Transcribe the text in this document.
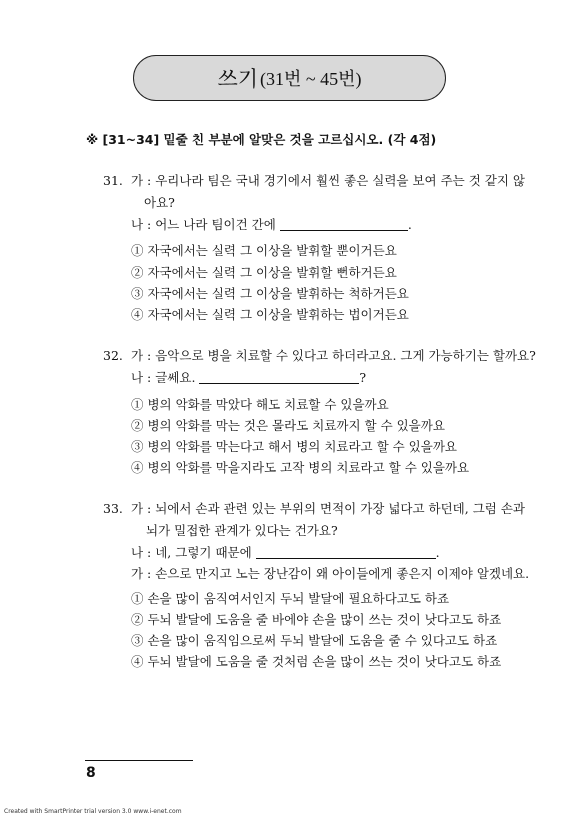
쓰기 (31번 ~ 45번)
※ [31~34] 밑줄 친 부분에 알맞은 것을 고르십시오. (각 4점)
31. 가 : 우리나라 팀은 국내 경기에서 훨씬 좋은 실력을 보여 주는 것 같지 않
아요?
나 : 어느 나라 팀이건 간에	.
① 자국에서는 실력 그 이상을 발휘할 뿐이거든요
② 자국에서는 실력 그 이상을 발휘할 뻔하거든요
③ 자국에서는 실력 그 이상을 발휘하는 척하거든요
④ 자국에서는 실력 그 이상을 발휘하는 법이거든요
32. 가 : 음악으로 병을 치료할 수 있다고 하더라고요. 그게 가능하기는 할까요?
나 : 글쎄요.	?
① 병의 악화를 막았다 해도 치료할 수 있을까요
② 병의 악화를 막는 것은 몰라도 치료까지 할 수 있을까요
③ 병의 악화를 막는다고 해서 병의 치료라고 할 수 있을까요
④ 병의 악화를 막을지라도 고작 병의 치료라고 할 수 있을까요
33. 가 : 뇌에서 손과 관련 있는 부위의 면적이 가장 넓다고 하던데, 그럼 손과
뇌가 밀접한 관계가 있다는 건가요?
나 : 네, 그렇기 때문에	.
가 : 손으로 만지고 노는 장난감이 왜 아이들에게 좋은지 이제야 알겠네요.
① 손을 많이 움직여서인지 두뇌 발달에 필요하다고도 하죠
② 두뇌 발달에 도움을 줄 바에야 손을 많이 쓰는 것이 낫다고도 하죠
③ 손을 많이 움직임으로써 두뇌 발달에 도움을 줄 수 있다고도 하죠
④ 두뇌 발달에 도움을 줄 것처럼 손을 많이 쓰는 것이 낫다고도 하죠
8
Created with SmartPrinter trial version 3.0 www.i-enet.com
